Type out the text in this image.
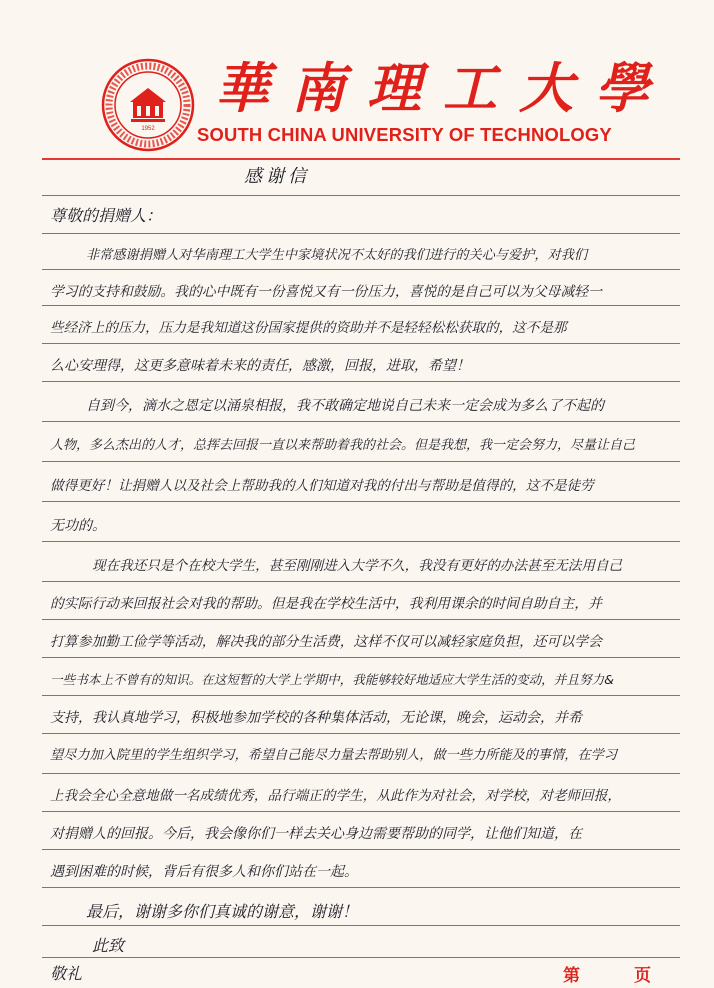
1952
華南理工大學
SOUTH CHINA UNIVERSITY OF TECHNOLOGY
感谢信
尊敬的捐赠人：
非常感谢捐赠人对华南理工大学生中家境状况不太好的我们进行的关心与爱护，对我们
学习的支持和鼓励。我的心中既有一份喜悦又有一份压力，喜悦的是自己可以为父母减轻一
些经济上的压力，压力是我知道这份国家提供的资助并不是轻轻松松获取的，这不是那
么心安理得，这更多意味着未来的责任，感激，回报，进取，希望！
自到今，滴水之恩定以涌泉相报，我不敢确定地说自己未来一定会成为多么了不起的
人物，多么杰出的人才，总挥去回报一直以来帮助着我的社会。但是我想，我一定会努力，尽量让自己
做得更好！让捐赠人以及社会上帮助我的人们知道对我的付出与帮助是值得的，这不是徒劳
无功的。
现在我还只是个在校大学生，甚至刚刚进入大学不久，我没有更好的办法甚至无法用自己
的实际行动来回报社会对我的帮助。但是我在学校生活中，我利用课余的时间自助自主，并
打算参加勤工俭学等活动，解决我的部分生活费，这样不仅可以减轻家庭负担，还可以学会
一些书本上不曾有的知识。在这短暂的大学上学期中，我能够较好地适应大学生活的变动，并且努力&
支持，我认真地学习，积极地参加学校的各种集体活动，无论课，晚会，运动会，并希
望尽力加入院里的学生组织学习，希望自己能尽力量去帮助别人，做一些力所能及的事情，在学习
上我会全心全意地做一名成绩优秀，品行端正的学生，从此作为对社会，对学校，对老师回报，
对捐赠人的回报。今后，我会像你们一样去关心身边需要帮助的同学，让他们知道，在
遇到困难的时候，背后有很多人和你们站在一起。
最后，谢谢多你们真诚的谢意，谢谢！
此致
敬礼	第	页
